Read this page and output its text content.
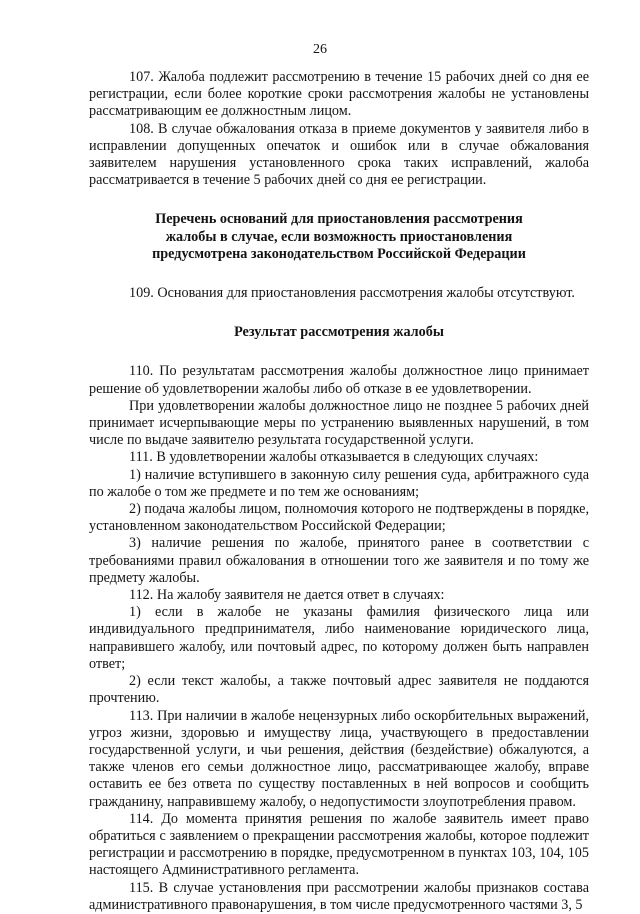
26

107. Жалоба подлежит рассмотрению в течение 15 рабочих дней со дня ее регистрации, если более короткие сроки рассмотрения жалобы не установлены рассматривающим ее должностным лицом.

108. В случае обжалования отказа в приеме документов у заявителя либо в исправлении допущенных опечаток и ошибок или в случае обжалования заявителем нарушения установленного срока таких исправлений, жалоба рассматривается в течение 5 рабочих дней со дня ее регистрации.

Перечень оснований для приостановления рассмотрения
жалобы в случае, если возможность приостановления
предусмотрена законодательством Российской Федерации

109. Основания для приостановления рассмотрения жалобы отсутствуют.

Результат рассмотрения жалобы

110. По результатам рассмотрения жалобы должностное лицо принимает решение об удовлетворении жалобы либо об отказе в ее удовлетворении.

При удовлетворении жалобы должностное лицо не позднее 5 рабочих дней принимает исчерпывающие меры по устранению выявленных нарушений, в том числе по выдаче заявителю результата государственной услуги.

111. В удовлетворении жалобы отказывается в следующих случаях:

1) наличие вступившего в законную силу решения суда, арбитражного суда по жалобе о том же предмете и по тем же основаниям;

2) подача жалобы лицом, полномочия которого не подтверждены в порядке, установленном законодательством Российской Федерации;

3) наличие решения по жалобе, принятого ранее в соответствии с требованиями правил обжалования в отношении того же заявителя и по тому же предмету жалобы.

112. На жалобу заявителя не дается ответ в случаях:

1) если в жалобе не указаны фамилия физического лица или индивидуального предпринимателя, либо наименование юридического лица, направившего жалобу, или почтовый адрес, по которому должен быть направлен ответ;

2) если текст жалобы, а также почтовый адрес заявителя не поддаются прочтению.

113. При наличии в жалобе нецензурных либо оскорбительных выражений, угроз жизни, здоровью и имуществу лица, участвующего в предоставлении государственной услуги, и чьи решения, действия (бездействие) обжалуются, а также членов его семьи должностное лицо, рассматривающее жалобу, вправе оставить ее без ответа по существу поставленных в ней вопросов и сообщить гражданину, направившему жалобу, о недопустимости злоупотребления правом.

114. До момента принятия решения по жалобе заявитель имеет право обратиться с заявлением о прекращении рассмотрения жалобы, которое подлежит регистрации и рассмотрению в порядке, предусмотренном в пунктах 103, 104, 105 настоящего Административного регламента.

115. В случае установления при рассмотрении жалобы признаков состава административного правонарушения, в том числе предусмотренного частями 3, 5
